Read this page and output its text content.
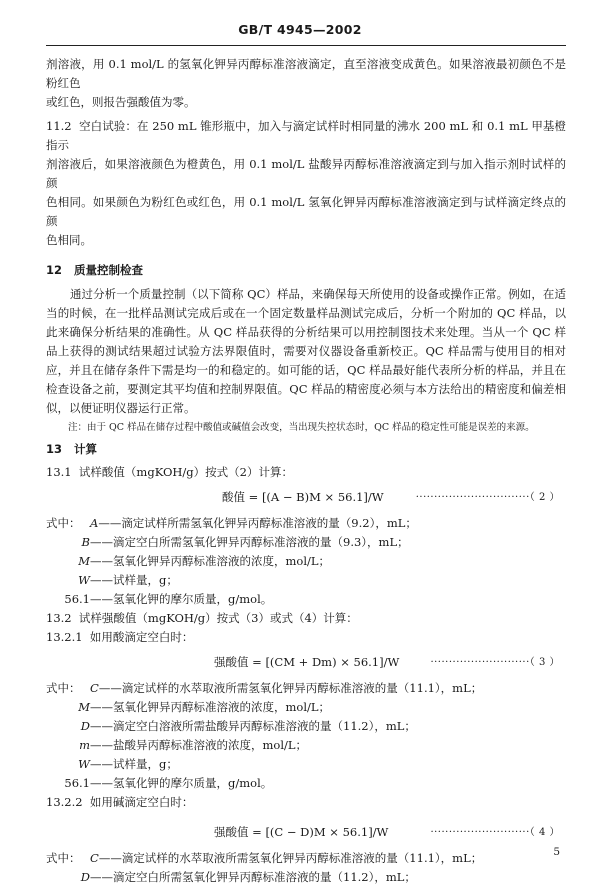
GB/T 4945—2002

剂溶液，用 0.1 mol/L 的氢氧化钾异丙醇标准溶液滴定，直至溶液变成黄色。如果溶液最初颜色不是粉红色

或红色，则报告强酸值为零。

11.2 空白试验：在 250 mL 锥形瓶中，加入与滴定试样时相同量的沸水 200 mL 和 0.1 mL 甲基橙指示

剂溶液后，如果溶液颜色为橙黄色，用 0.1 mol/L 盐酸异丙醇标准溶液滴定到与加入指示剂时试样的颜

色相同。如果颜色为粉红色或红色，用 0.1 mol/L 氢氧化钾异丙醇标准溶液滴定到与试样滴定终点的颜

色相同。

12 质量控制检查

通过分析一个质量控制（以下简称 QC）样品，来确保每天所使用的设备或操作正常。例如，在适当的时候，在一批样品测试完成后或在一个固定数量样品测试完成后，分析一个附加的 QC 样品，以此来确保分析结果的准确性。从 QC 样品获得的分析结果可以用控制图技术来处理。当从一个 QC 样品上获得的测试结果超过试验方法界限值时，需要对仪器设备重新校正。QC 样品需与使用目的相对应，并且在储存条件下需是均一的和稳定的。如可能的话，QC 样品最好能代表所分析的样品，并且在检查设备之前，要测定其平均值和控制界限值。QC 样品的精密度必须与本方法给出的精密度和偏差相似，以便证明仪器运行正常。

注：由于 QC 样品在储存过程中酸值或碱值会改变，当出现失控状态时，QC 样品的稳定性可能是误差的来源。

13 计算

13.1 试样酸值（mgKOH/g）按式（2）计算：

酸值 = [(A − B)M × 56.1]/W	·······························（ 2 ）
式中： A——滴定试样所需氢氧化钾异丙醇标准溶液的量（9.2），mL；
B——滴定空白所需氢氧化钾异丙醇标准溶液的量（9.3），mL；
M——氢氧化钾异丙醇标准溶液的浓度，mol/L；
W——试样量，g；
56.1——氢氧化钾的摩尔质量，g/mol。

13.2 试样强酸值（mgKOH/g）按式（3）或式（4）计算：

13.2.1 如用酸滴定空白时：

强酸值 = [(CM + Dm) × 56.1]/W	···························（ 3 ）
式中： C——滴定试样的水萃取液所需氢氧化钾异丙醇标准溶液的量（11.1），mL；
M——氢氧化钾异丙醇标准溶液的浓度，mol/L；
D——滴定空白溶液所需盐酸异丙醇标准溶液的量（11.2），mL；
m——盐酸异丙醇标准溶液的浓度，mol/L；
W——试样量，g；
56.1——氢氧化钾的摩尔质量，g/mol。

13.2.2 如用碱滴定空白时：

强酸值 = [(C − D)M × 56.1]/W	···························（ 4 ）
式中： C——滴定试样的水萃取液所需氢氧化钾异丙醇标准溶液的量（11.1），mL；
D——滴定空白所需氢氧化钾异丙醇标准溶液的量（11.2），mL；
5
